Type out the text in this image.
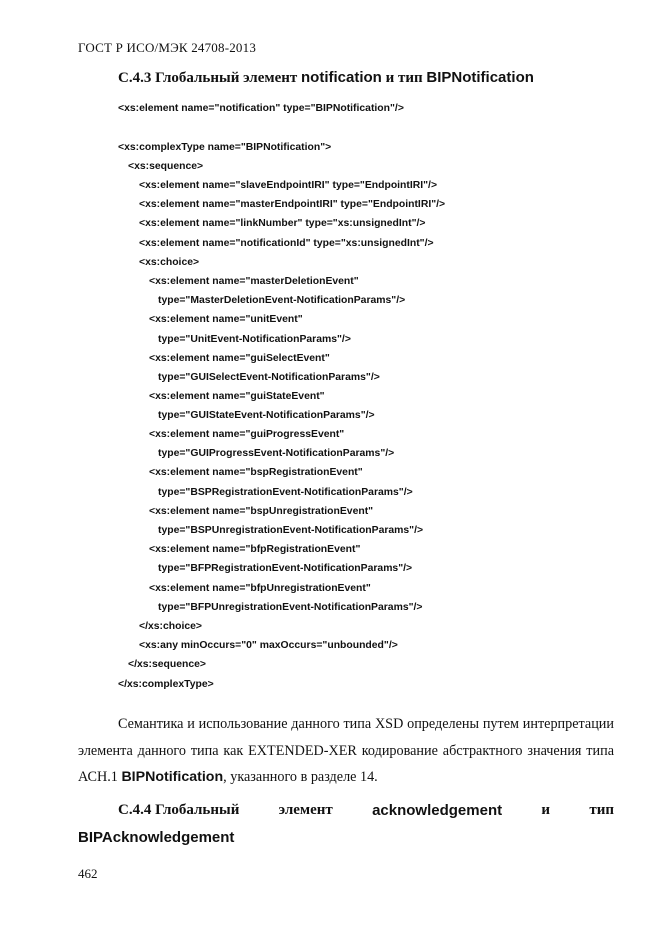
ГОСТ Р ИСО/МЭК 24708-2013
С.4.3 Глобальный элемент notification и тип BIPNotification
<xs:element name="notification" type="BIPNotification"/>
<xs:complexType name="BIPNotification">
<xs:sequence>
<xs:element name="slaveEndpointIRI" type="EndpointIRI"/>
<xs:element name="masterEndpointIRI" type="EndpointIRI"/>
<xs:element name="linkNumber" type="xs:unsignedInt"/>
<xs:element name="notificationId" type="xs:unsignedInt"/>
<xs:choice>
<xs:element name="masterDeletionEvent"
type="MasterDeletionEvent-NotificationParams"/>
<xs:element name="unitEvent"
type="UnitEvent-NotificationParams"/>
<xs:element name="guiSelectEvent"
type="GUISelectEvent-NotificationParams"/>
<xs:element name="guiStateEvent"
type="GUIStateEvent-NotificationParams"/>
<xs:element name="guiProgressEvent"
type="GUIProgressEvent-NotificationParams"/>
<xs:element name="bspRegistrationEvent"
type="BSPRegistrationEvent-NotificationParams"/>
<xs:element name="bspUnregistrationEvent"
type="BSPUnregistrationEvent-NotificationParams"/>
<xs:element name="bfpRegistrationEvent"
type="BFPRegistrationEvent-NotificationParams"/>
<xs:element name="bfpUnregistrationEvent"
type="BFPUnregistrationEvent-NotificationParams"/>
</xs:choice>
<xs:any minOccurs="0" maxOccurs="unbounded"/>
</xs:sequence>
</xs:complexType>
Семантика и использование данного типа XSD определены путем интерпретации элемента данного типа как EXTENDED-XER кодирование абстрактного значения типа АСН.1 BIPNotification, указанного в разделе 14.
С.4.4 Глобальный	элемент	acknowledgement	и	тип
BIPAcknowledgement
462
